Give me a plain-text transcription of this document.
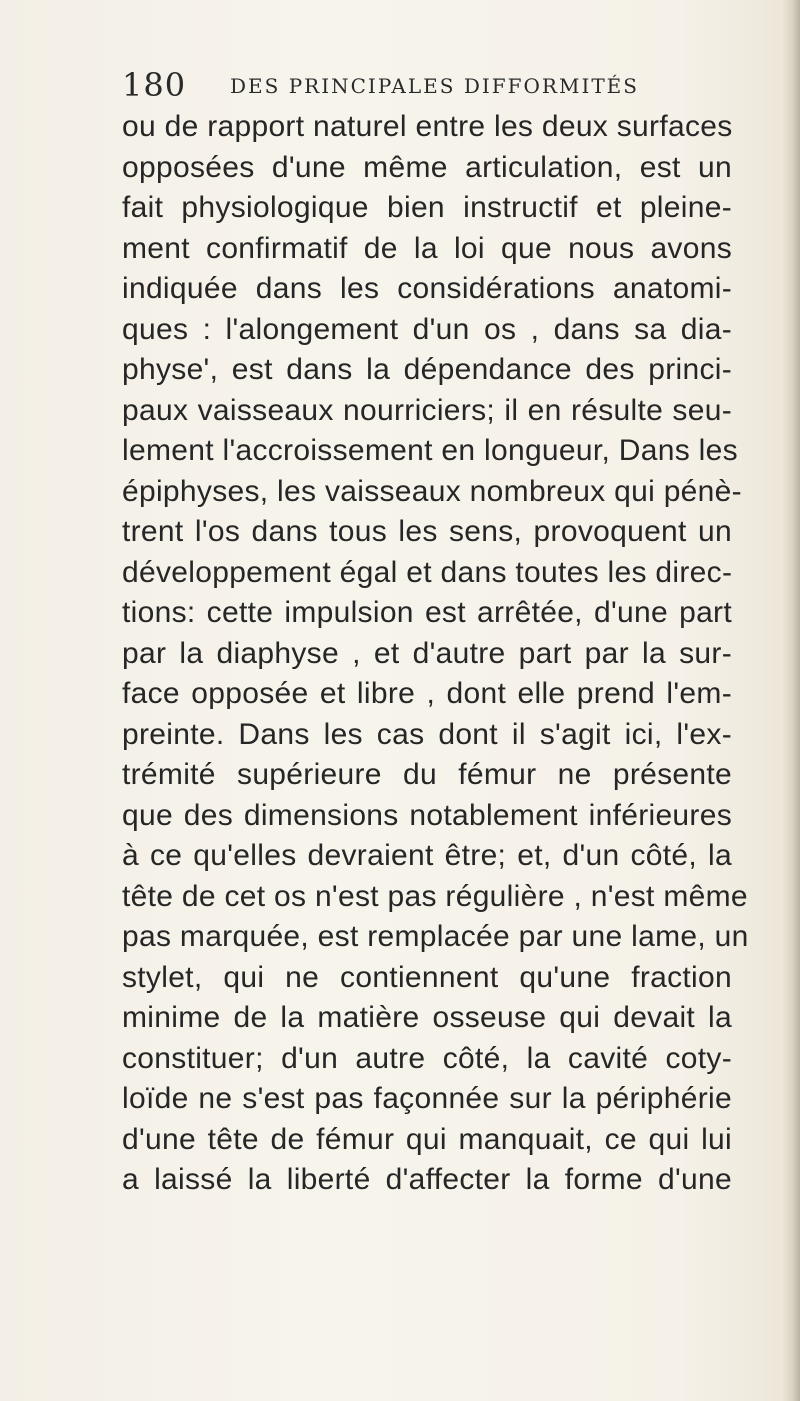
180 DES PRINCIPALES DIFFORMITÉS
ou de rapport naturel entre les deux surfaces
opposées d'une même articulation, est un
fait physiologique bien instructif et pleine-
ment confirmatif de la loi que nous avons
indiquée dans les considérations anatomi-
ques : l'alongement d'un os , dans sa dia-
physe', est dans la dépendance des princi-
paux vaisseaux nourriciers; il en résulte seu-
lement l'accroissement en longueur, Dans les
épiphyses, les vaisseaux nombreux qui pénè-
trent l'os dans tous les sens, provoquent un
développement égal et dans toutes les direc-
tions: cette impulsion est arrêtée, d'une part
par la diaphyse , et d'autre part par la sur-
face opposée et libre , dont elle prend l'em-
preinte. Dans les cas dont il s'agit ici, l'ex-
trémité supérieure du fémur ne présente
que des dimensions notablement inférieures
à ce qu'elles devraient être; et, d'un côté, la
tête de cet os n'est pas régulière , n'est même
pas marquée, est remplacée par une lame, un
stylet, qui ne contiennent qu'une fraction
minime de la matière osseuse qui devait la
constituer; d'un autre côté, la cavité coty-
loïde ne s'est pas façonnée sur la périphérie
d'une tête de fémur qui manquait, ce qui lui
a laissé la liberté d'affecter la forme d'une
